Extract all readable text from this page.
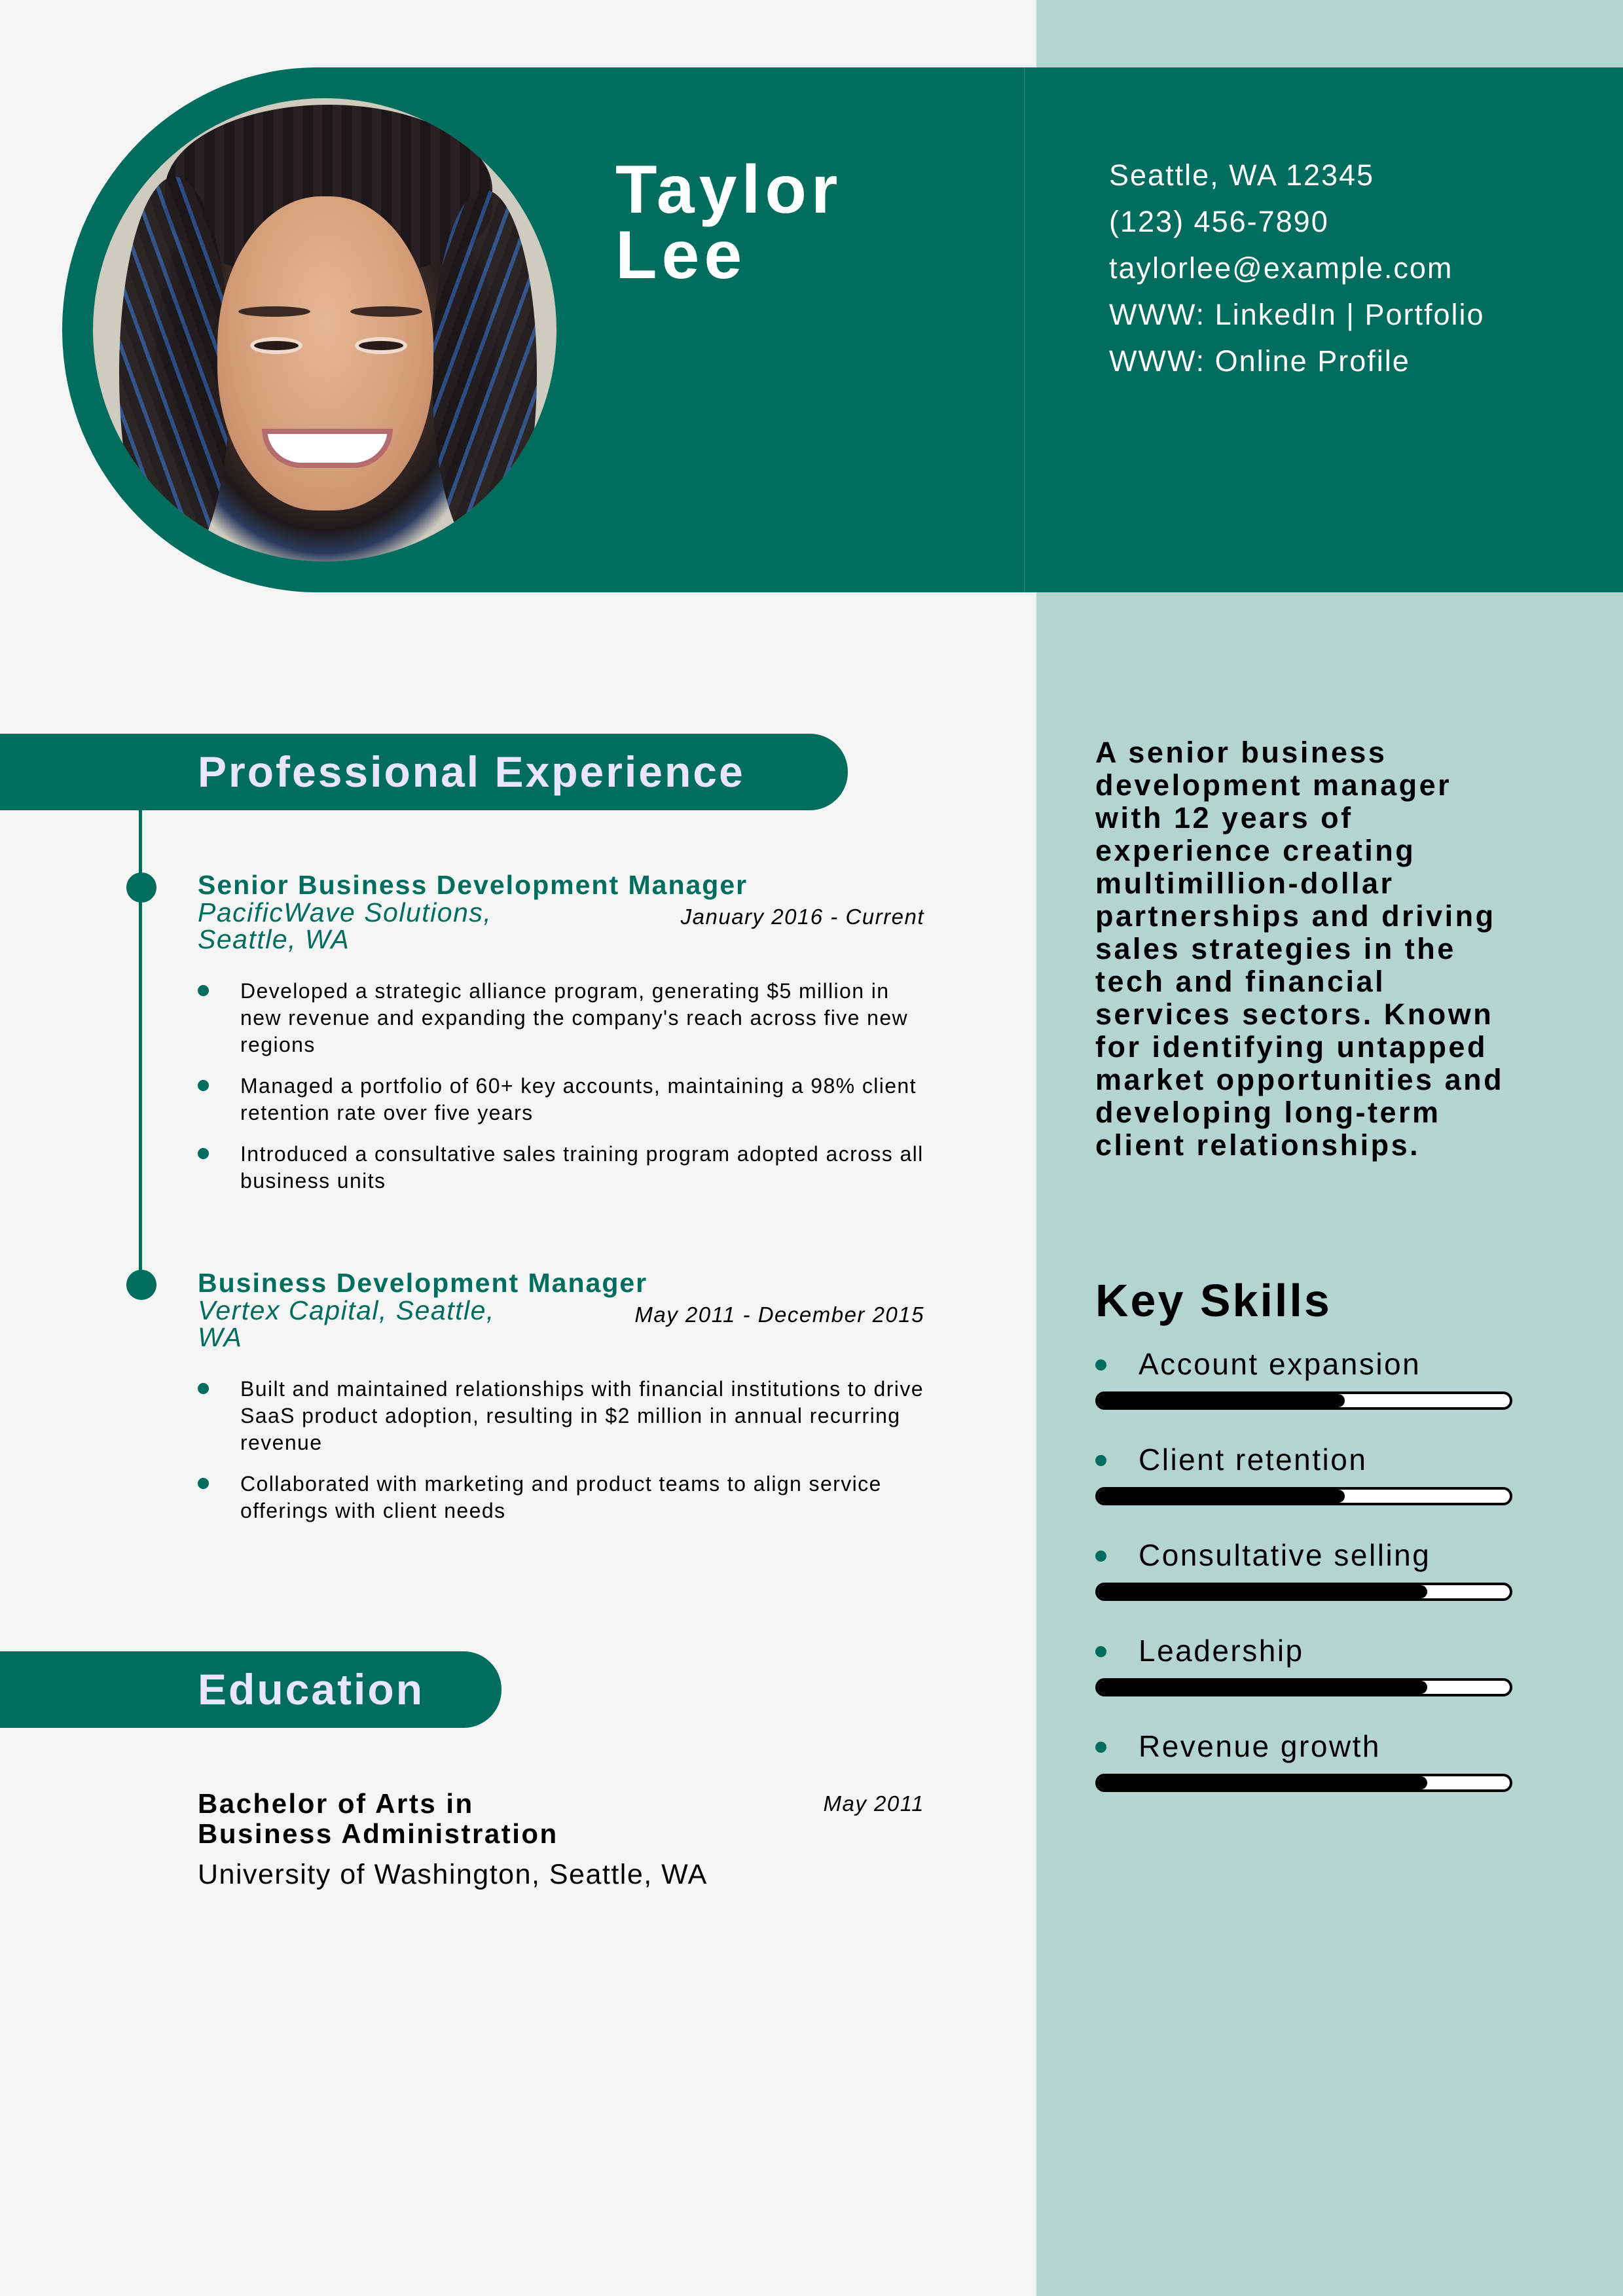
Taylor
Lee
Seattle, WA 12345
(123) 456-7890
taylorlee@example.com
WWW: LinkedIn | Portfolio
WWW: Online Profile
Professional Experience
Senior Business Development Manager
PacificWave Solutions, Seattle, WA
January 2016 - Current
Developed a strategic alliance program, generating $5 million in new revenue and expanding the company's reach across five new regions
Managed a portfolio of 60+ key accounts, maintaining a 98% client retention rate over five years
Introduced a consultative sales training program adopted across all business units
Business Development Manager
Vertex Capital, Seattle, WA
May 2011 - December 2015
Built and maintained relationships with financial institutions to drive SaaS product adoption, resulting in $2 million in annual recurring revenue
Collaborated with marketing and product teams to align service offerings with client needs
Education
Bachelor of Arts in Business Administration
May 2011
University of Washington, Seattle, WA

A senior business development manager with 12 years of experience creating multimillion-dollar partnerships and driving sales strategies in the tech and financial services sectors. Known for identifying untapped market opportunities and developing long-term client relationships.

Key Skills
Account expansion
Client retention
Consultative selling
Leadership
Revenue growth
